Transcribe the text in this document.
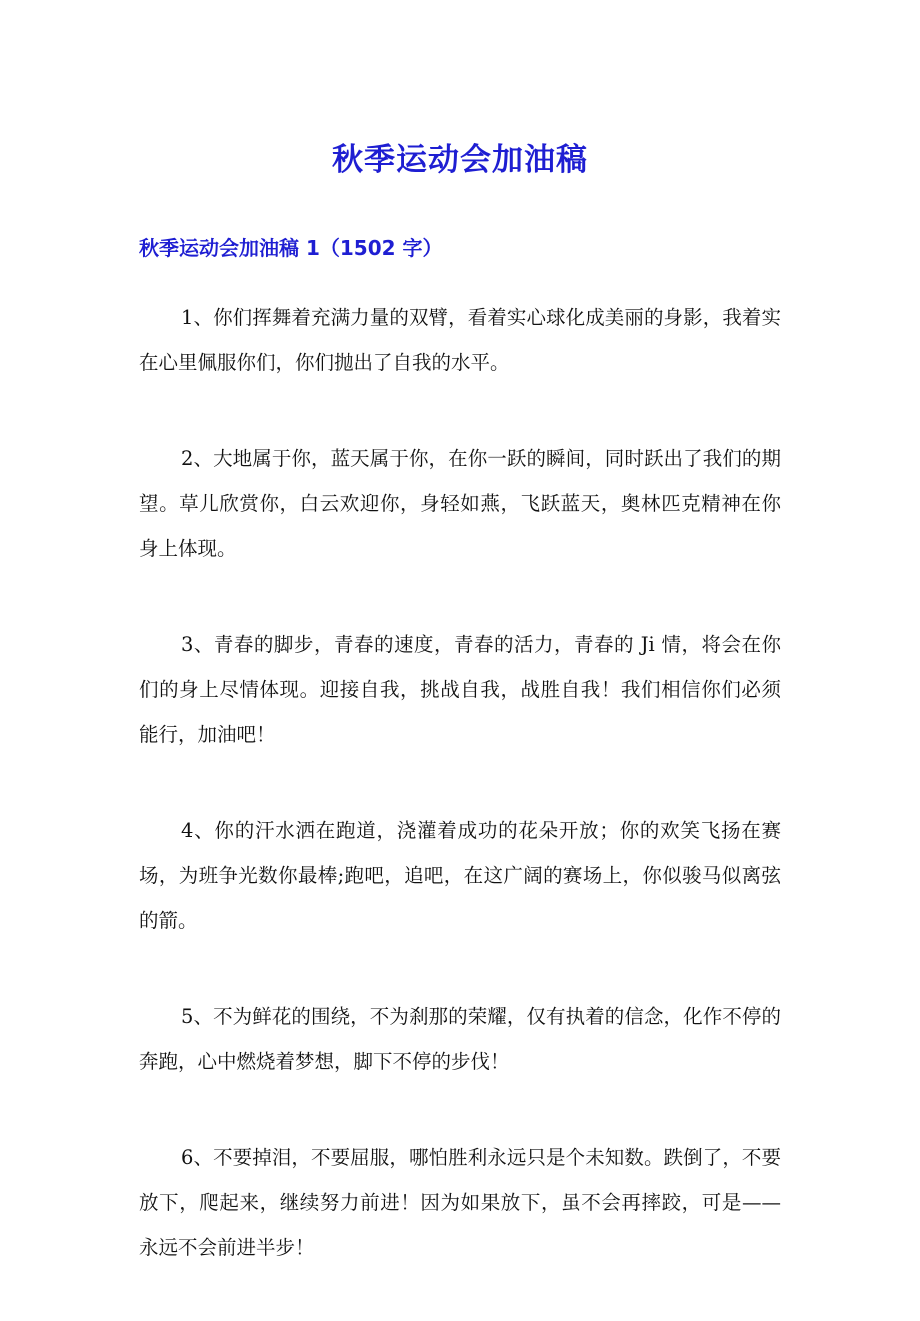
秋季运动会加油稿
秋季运动会加油稿 1（1502 字）

1、你们挥舞着充满力量的双臂，看着实心球化成美丽的身影，我着实在心里佩服你们，你们抛出了自我的水平。

2、大地属于你，蓝天属于你，在你一跃的瞬间，同时跃出了我们的期望。草儿欣赏你，白云欢迎你，身轻如燕，飞跃蓝天，奥林匹克精神在你身上体现。

3、青春的脚步，青春的速度，青春的活力，青春的 Ji 情，将会在你们的身上尽情体现。迎接自我，挑战自我，战胜自我！我们相信你们必须能行，加油吧！

4、你的汗水洒在跑道，浇灌着成功的花朵开放；你的欢笑飞扬在赛场，为班争光数你最棒;跑吧，追吧，在这广阔的赛场上，你似骏马似离弦的箭。

5、不为鲜花的围绕，不为刹那的荣耀，仅有执着的信念，化作不停的奔跑，心中燃烧着梦想，脚下不停的步伐！

6、不要掉泪，不要屈服，哪怕胜利永远只是个未知数。跌倒了，不要放下，爬起来，继续努力前进！因为如果放下，虽不会再摔跤，可是——永远不会前进半步！
